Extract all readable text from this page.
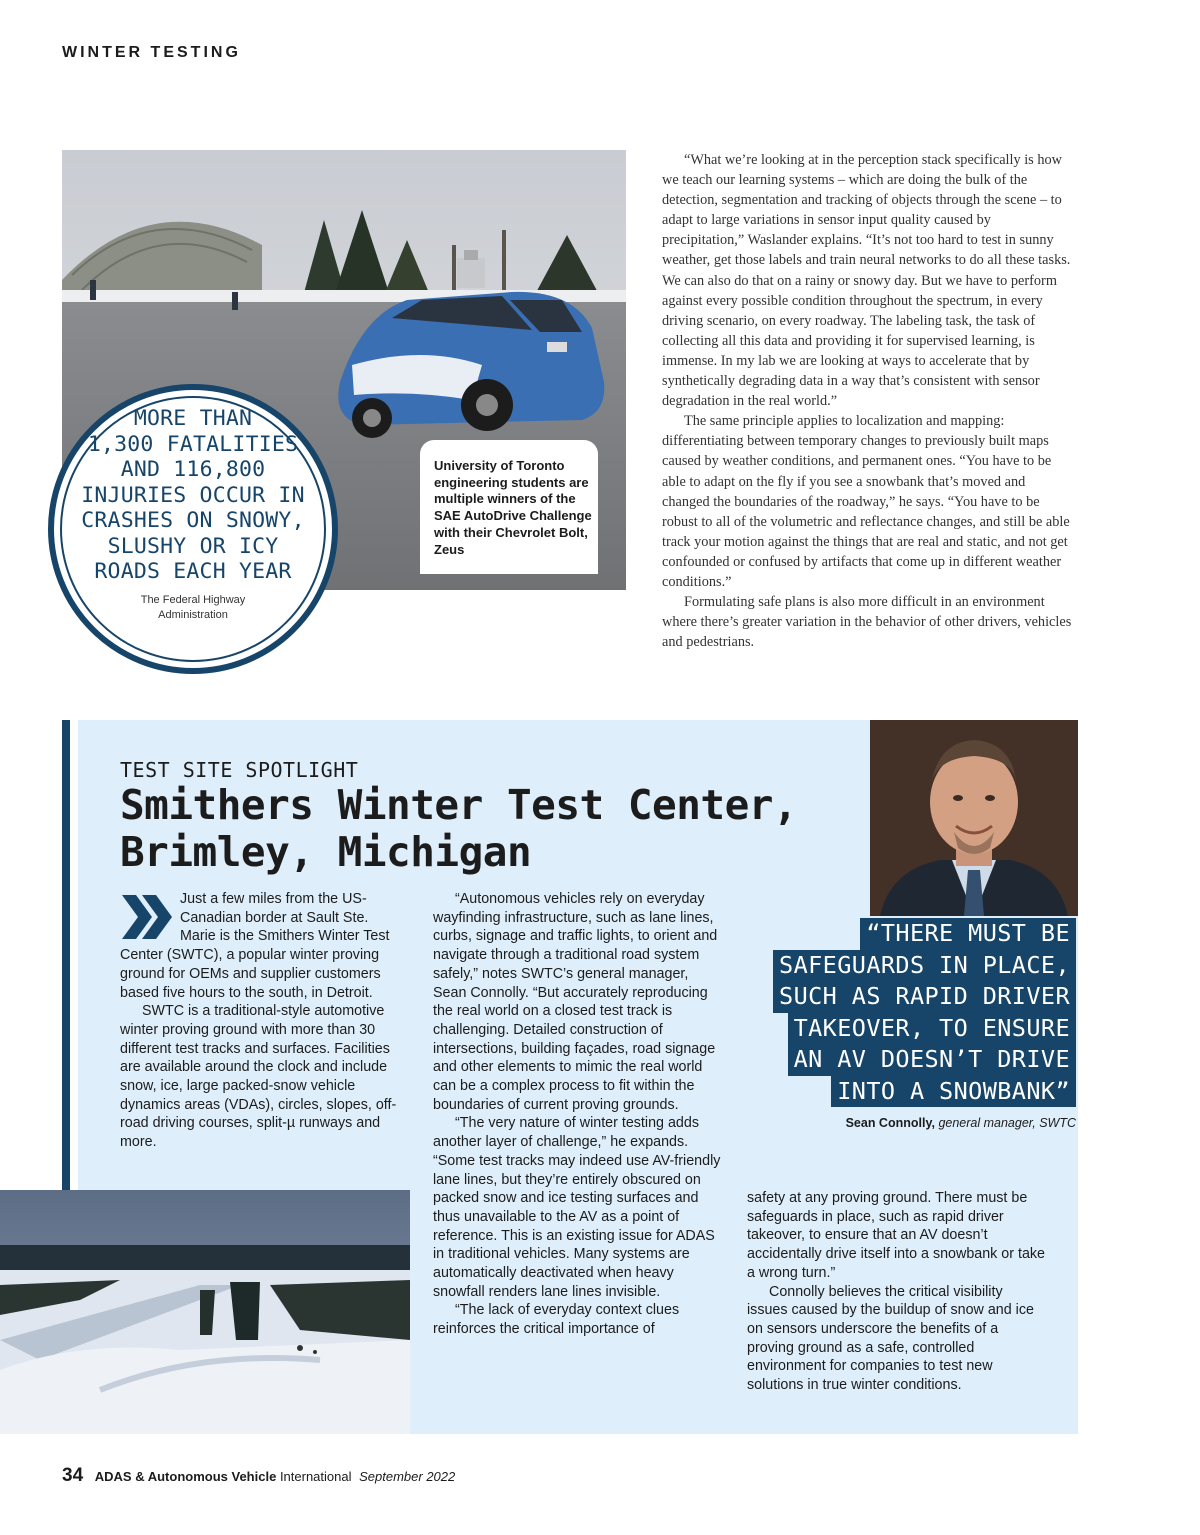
WINTER TESTING
MORE THAN
1,300 FATALITIES
AND 116,800
INJURIES OCCUR IN
CRASHES ON SNOWY,
SLUSHY OR ICY
ROADS EACH YEAR
The Federal Highway Administration

University of Toronto engineering students are multiple winners of the SAE AutoDrive Challenge with their Chevrolet Bolt, Zeus

“What we’re looking at in the perception stack specifically is how we teach our learning systems – which are doing the bulk of the detection, segmentation and tracking of objects through the scene – to adapt to large variations in sensor input quality caused by precipitation,” Waslander explains. “It’s not too hard to test in sunny weather, get those labels and train neural networks to do all these tasks. We can also do that on a rainy or snowy day. But we have to perform against every possible condition throughout the spectrum, in every driving scenario, on every roadway. The labeling task, the task of collecting all this data and providing it for supervised learning, is immense. In my lab we are looking at ways to accelerate that by synthetically degrading data in a way that’s consistent with sensor degradation in the real world.”

The same principle applies to localization and mapping: differentiating between temporary changes to previously built maps caused by weather conditions, and permanent ones. “You have to be able to adapt on the fly if you see a snowbank that’s moved and changed the boundaries of the roadway,” he says. “You have to be robust to all of the volumetric and reflectance changes, and still be able track your motion against the things that are real and static, and not get confounded or confused by artifacts that come up in different weather conditions.”

Formulating safe plans is also more difficult in an environment where there’s greater variation in the behavior of other drivers, vehicles and pedestrians.

TEST SITE SPOTLIGHT
Smithers Winter Test Center,
Brimley, Michigan

Just a few miles from the US-Canadian border at Sault Ste. Marie is the Smithers Winter Test Center (SWTC), a popular winter proving ground for OEMs and supplier customers based five hours to the south, in Detroit.

SWTC is a traditional-style automotive winter proving ground with more than 30 different test tracks and surfaces. Facilities are available around the clock and include snow, ice, large packed-snow vehicle dynamics areas (VDAs), circles, slopes, off-road driving courses, split-µ runways and more.

“Autonomous vehicles rely on everyday wayfinding infrastructure, such as lane lines, curbs, signage and traffic lights, to orient and navigate through a traditional road system safely,” notes SWTC’s general manager, Sean Connolly. “But accurately reproducing the real world on a closed test track is challenging. Detailed construction of intersections, building façades, road signage and other elements to mimic the real world can be a complex process to fit within the boundaries of current proving grounds.

“The very nature of winter testing adds another layer of challenge,” he expands. “Some test tracks may indeed use AV-friendly lane lines, but they’re entirely obscured on packed snow and ice testing surfaces and thus unavailable to the AV as a point of reference. This is an existing issue for ADAS in traditional vehicles. Many systems are automatically deactivated when heavy snowfall renders lane lines invisible.

“The lack of everyday context clues reinforces the critical importance of

safety at any proving ground. There must be safeguards in place, such as rapid driver takeover, to ensure that an AV doesn’t accidentally drive itself into a snowbank or take a wrong turn.”

Connolly believes the critical visibility issues caused by the buildup of snow and ice on sensors underscore the benefits of a proving ground as a safe, controlled environment for companies to test new solutions in true winter conditions.

“THERE MUST BE
SAFEGUARDS IN PLACE,
SUCH AS RAPID DRIVER
TAKEOVER, TO ENSURE
AN AV DOESN’T DRIVE
INTO A SNOWBANK”
Sean Connolly, general manager, SWTC
34 ADAS & Autonomous Vehicle International September 2022
